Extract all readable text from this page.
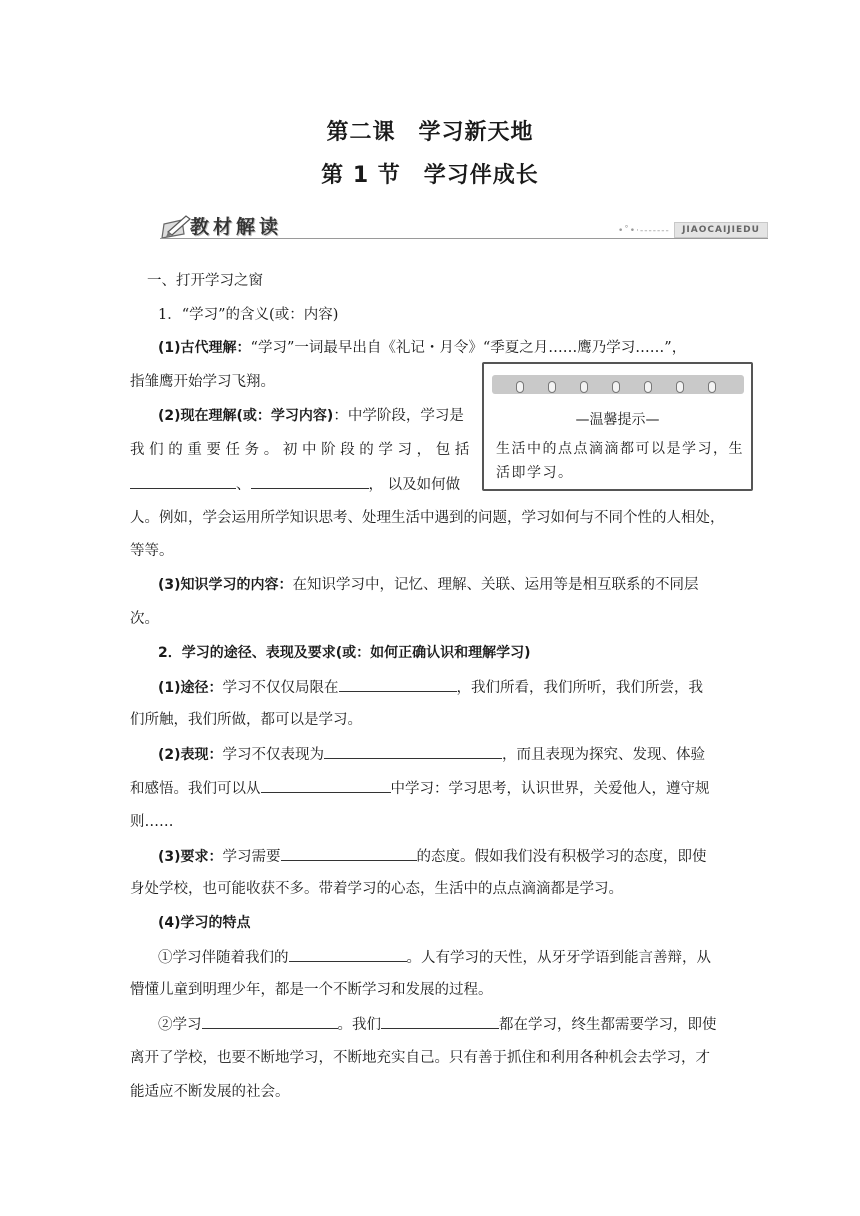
第二课　学习新天地
第 1 节　学习伴成长
教材解读	•˚•·-------	JIAOCAIJIEDU
一、打开学习之窗
1．“学习”的含义(或：内容)
(1)古代理解：“学习”一词最早出自《礼记・月令》“季夏之月……鹰乃学习……”，
指雏鹰开始学习飞翔。
(2)现在理解(或：学习内容)：中学阶段，学习是
我 们 的 重 要 任 务 。 初 中 阶 段 的 学 习 ， 包 括
、	， 以及如何做
人。例如，学会运用所学知识思考、处理生活中遇到的问题，学习如何与不同个性的人相处，
等等。
(3)知识学习的内容：在知识学习中，记忆、理解、关联、运用等是相互联系的不同层
次。
2．学习的途径、表现及要求(或：如何正确认识和理解学习)
(1)途径：学习不仅仅局限在	，我们所看，我们所听，我们所尝，我
们所触，我们所做，都可以是学习。
(2)表现：学习不仅表现为	，而且表现为探究、发现、体验
和感悟。我们可以从	中学习：学习思考，认识世界，关爱他人，遵守规
则……
(3)要求：学习需要	的态度。假如我们没有积极学习的态度，即使
身处学校，也可能收获不多。带着学习的心态，生活中的点点滴滴都是学习。
(4)学习的特点
①学习伴随着我们的	。人有学习的天性，从牙牙学语到能言善辩，从
懵懂儿童到明理少年，都是一个不断学习和发展的过程。
②学习	。我们	都在学习，终生都需要学习，即使
离开了学校，也要不断地学习，不断地充实自己。只有善于抓住和利用各种机会去学习，才
能适应不断发展的社会。
—温馨提示—
生活中的点点滴滴都可以是学习，生活即学习。
